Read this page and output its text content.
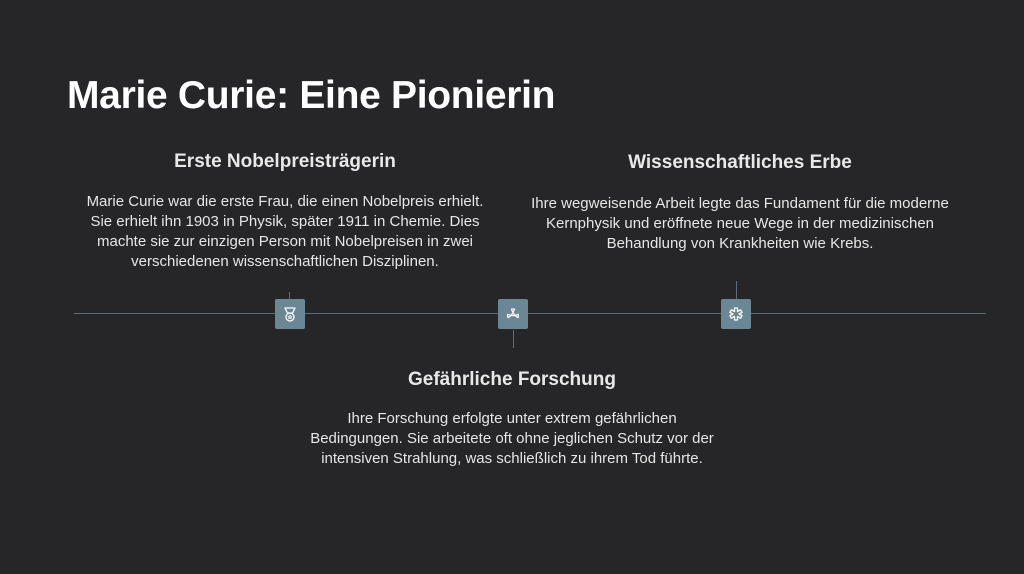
Marie Curie: Eine Pionierin
Erste Nobelpreisträgerin

Marie Curie war die erste Frau, die einen Nobelpreis erhielt. Sie erhielt ihn 1903 in Physik, später 1911 in Chemie. Dies machte sie zur einzigen Person mit Nobelpreisen in zwei verschiedenen wissenschaftlichen Disziplinen.

Wissenschaftliches Erbe

Ihre wegweisende Arbeit legte das Fundament für die moderne Kernphysik und eröffnete neue Wege in der medizinischen Behandlung von Krankheiten wie Krebs.

Gefährliche Forschung

Ihre Forschung erfolgte unter extrem gefährlichen Bedingungen. Sie arbeitete oft ohne jeglichen Schutz vor der intensiven Strahlung, was schließlich zu ihrem Tod führte.
